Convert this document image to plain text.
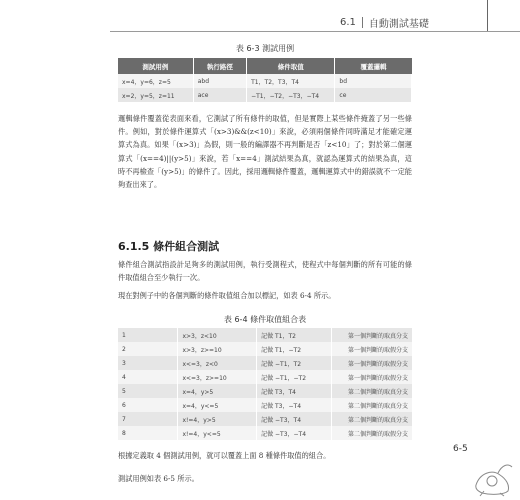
6.1 自動測試基礎
表 6-3 測試用例
測試用例	執行路徑	條件取值	覆蓋邏輯
x=4，y=6，z=5	abd	T1，T2，T3，T4	bd
x=2，y=5，z=11	ace	−T1，−T2，−T3，−T4	ce
邏輯條件覆蓋從表面來看，它測試了所有條件的取值，但是實際上某些條件掩蓋了另一些條件。例如，對於條件運算式「(x>3)&&(z<10)」來說，必須兩個條件同時滿足才能確定運算式為真。如果「(x>3)」為假，則一般的編譯器不再判斷是否「z<10」了；對於第二個運算式「(x==4)||(y>5)」來說，若「x==4」測試結果為真，就認為運算式的結果為真，這時不再檢查「(y>5)」的條件了。因此，採用邏輯條件覆蓋，邏輯運算式中的錯誤就不一定能夠查出來了。
6.1.5 條件組合測試
條件組合測試指設計足夠多的測試用例，執行受測程式，使程式中每個判斷的所有可能的條件取值組合至少執行一次。
現在對例子中的各個判斷的條件取值組合加以標記，如表 6-4 所示。
表 6-4 條件取值組合表
1	x>3，z<10	記做 T1，T2	第一個判斷的取真分支
2	x>3，z>=10	記做 T1，−T2	第一個判斷的取假分支
3	x<=3，z<0	記做 −T1，T2	第一個判斷的取假分支
4	x<=3，z>=10	記做 −T1，−T2	第一個判斷的取假分支
5	x=4，y>5	記做 T3，T4	第二個判斷的取真分支
6	x=4，y<=5	記做 T3，−T4	第二個判斷的取真分支
7	x!=4，y>5	記做 −T3，T4	第二個判斷的取真分支
8	x!=4，y<=5	記做 −T3，−T4	第二個判斷的取假分支
根據定義取 4 個測試用例，就可以覆蓋上面 8 種條件取值的組合。
測試用例如表 6-5 所示。
6-5
